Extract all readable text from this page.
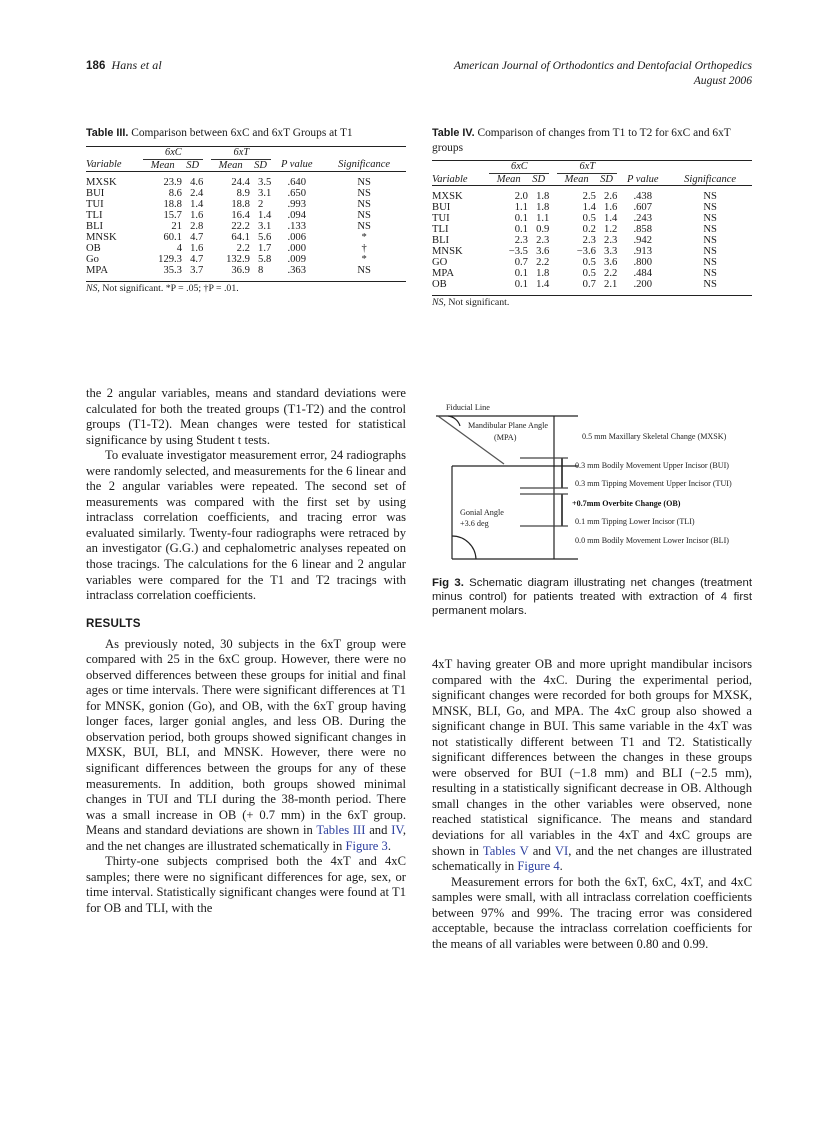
186 Hans et al	American Journal of Orthodontics and Dentofacial Orthopedics
August 2006
Table III. Comparison between 6xC and 6xT Groups at T1
	6xC			6xT			
Variable	Mean	SD		Mean	SD	P value	Significance

MXSK	23.9	4.6		24.4	3.5	.640	NS
BUI	8.6	2.4		8.9	3.1	.650	NS
TUI	18.8	1.4		18.8	2	.993	NS
TLI	15.7	1.6		16.4	1.4	.094	NS
BLI	21	2.8		22.2	3.1	.133	NS
MNSK	60.1	4.7		64.1	5.6	.006	*
OB	4	1.6		2.2	1.7	.000	†
Go	129.3	4.7		132.9	5.8	.009	*
MPA	35.3	3.7		36.9	8	.363	NS

NS, Not significant. *P = .05; †P = .01.							
Table IV. Comparison of changes from T1 to T2 for 6xC and 6xT groups
	6xC			6xT			
Variable	Mean	SD		Mean	SD	P value	Significance

MXSK	2.0	1.8		2.5	2.6	.438	NS
BUI	1.1	1.8		1.4	1.6	.607	NS
TUI	0.1	1.1		0.5	1.4	.243	NS
TLI	0.1	0.9		0.2	1.2	.858	NS
BLI	2.3	2.3		2.3	2.3	.942	NS
MNSK	−3.5	3.6		−3.6	3.3	.913	NS
GO	0.7	2.2		0.5	3.6	.800	NS
MPA	0.1	1.8		0.5	2.2	.484	NS
OB	0.1	1.4		0.7	2.1	.200	NS

NS, Not significant.							

the 2 angular variables, means and standard deviations were calculated for both the treated groups (T1-T2) and the control groups (T1-T2). Mean changes were tested for statistical significance by using Student t tests.

To evaluate investigator measurement error, 24 radiographs were randomly selected, and measurements for the 6 linear and the 2 angular variables were repeated. The second set of measurements was compared with the first set by using intraclass correlation coefficients, and tracing error was evaluated similarly. Twenty-four radiographs were retraced by an investigator (G.G.) and cephalometric analyses repeated on those tracings. The calculations for the 6 linear and 2 angular variables were compared for the T1 and T2 tracings with intraclass correlation coefficients.

RESULTS

As previously noted, 30 subjects in the 6xT group were compared with 25 in the 6xC group. However, there were no observed differences between these groups for initial and final ages or time intervals. There were significant differences at T1 for MNSK, gonion (Go), and OB, with the 6xT group having longer faces, larger gonial angles, and less OB. During the observation period, both groups showed significant changes in MXSK, BUI, BLI, and MNSK. However, there were no significant differences between the groups for any of these measurements. In addition, both groups showed minimal changes in TUI and TLI during the 38-month period. There was a small increase in OB (+ 0.7 mm) in the 6xT group. Means and standard deviations are shown in Tables III and IV, and the net changes are illustrated schematically in Figure 3.

Thirty-one subjects comprised both the 4xT and 4xC samples; there were no significant differences for age, sex, or time interval. Statistically significant changes were found at T1 for OB and TLI, with the

Fiducial Line
Mandibular Plane Angle
(MPA)
Gonial Angle
+3.6 deg
0.5 mm Maxillary Skeletal Change (MXSK)
0.3 mm Bodily Movement Upper Incisor (BUI)
0.3 mm Tipping Movement Upper Incisor (TUI)
+0.7mm Overbite Change (OB)
0.1 mm Tipping Lower Incisor (TLI)
0.0 mm Bodily Movement Lower Incisor (BLI)
Fig 3. Schematic diagram illustrating net changes (treatment minus control) for patients treated with extraction of 4 first permanent molars.

4xT having greater OB and more upright mandibular incisors compared with the 4xC. During the experimental period, significant changes were recorded for both groups for MXSK, MNSK, BLI, Go, and MPA. The 4xC group also showed a significant change in BUI. This same variable in the 4xT was not statistically different between T1 and T2. Statistically significant differences between the changes in these groups were observed for BUI (−1.8 mm) and BLI (−2.5 mm), resulting in a statistically significant decrease in OB. Although small changes in the other variables were observed, none reached statistical significance. The means and standard deviations for all variables in the 4xT and 4xC groups are shown in Tables V and VI, and the net changes are illustrated schematically in Figure 4.

Measurement errors for both the 6xT, 6xC, 4xT, and 4xC samples were small, with all intraclass correlation coefficients between 97% and 99%. The tracing error was considered acceptable, because the intraclass correlation coefficients for the means of all variables were between 0.80 and 0.99.
